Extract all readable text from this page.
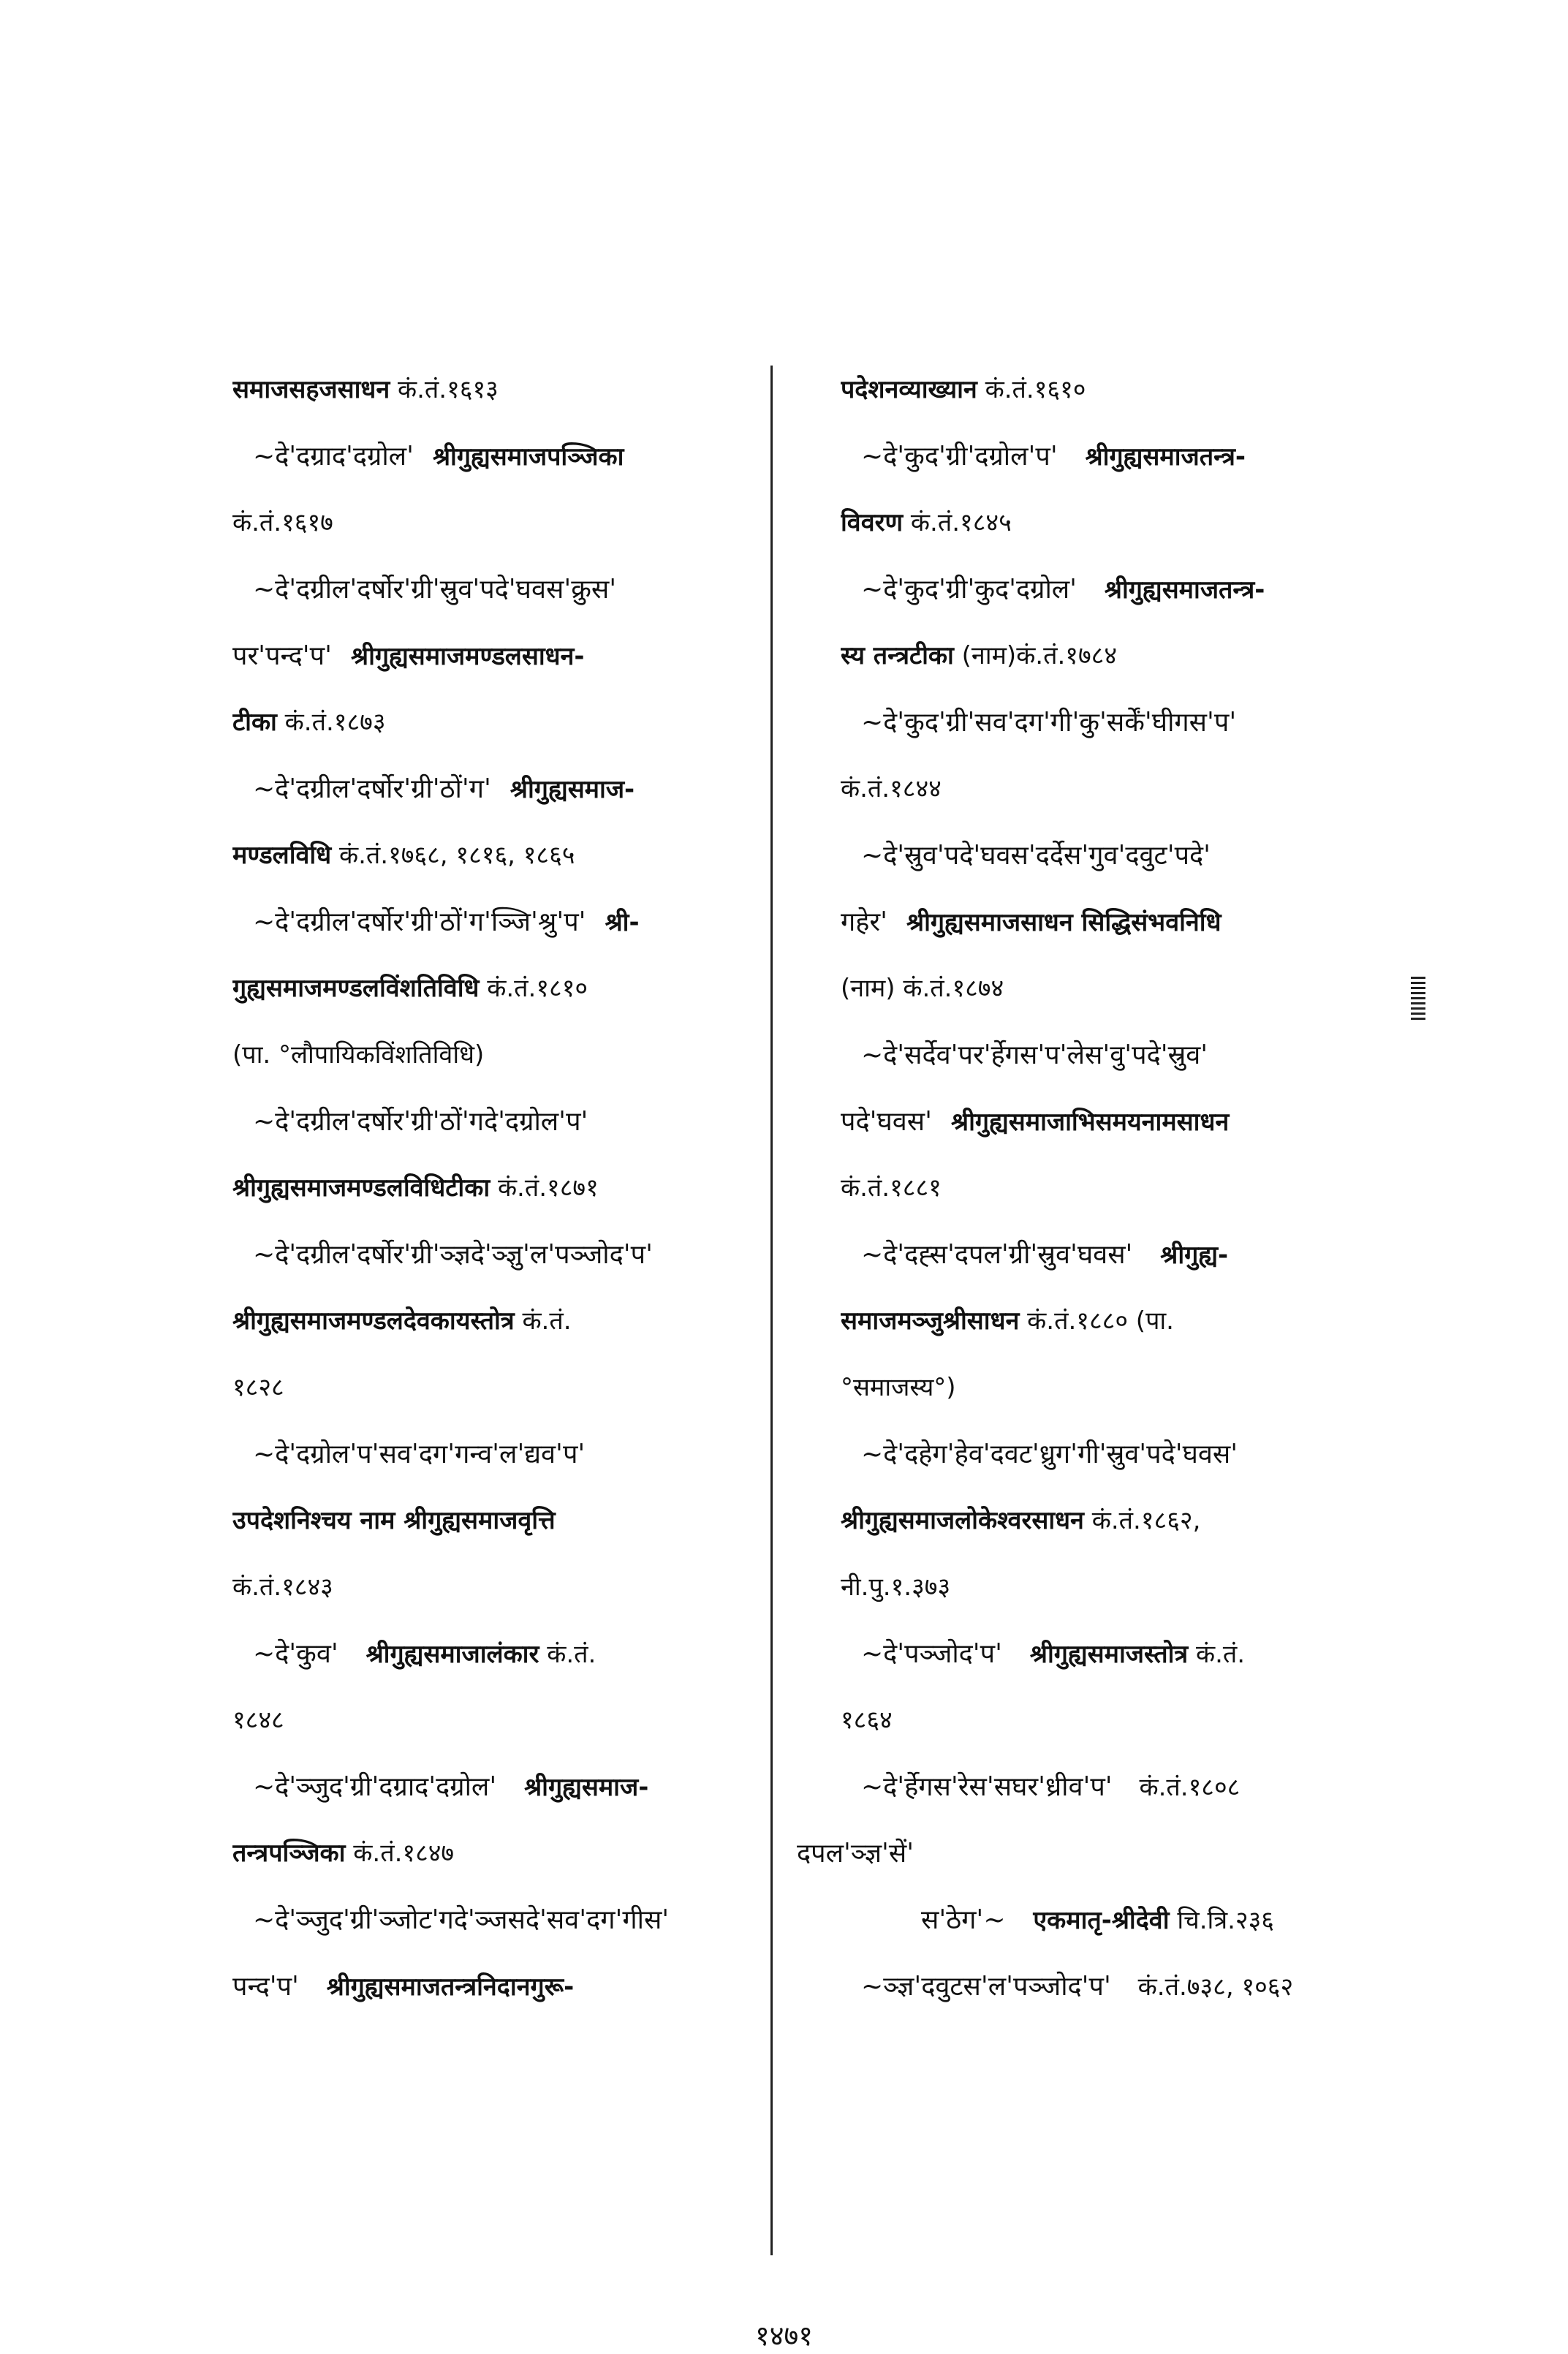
समाजसहजसाधन कं.तं.१६१३
~दे'दग्राद'दग्रोल' श्रीगुह्यसमाजपञ्जिका
कं.तं.१६१७
~दे'दग्रील'दर्षोर'ग्री'स्रुव'पदे'घवस'क्रुस'
पर'पन्द'प' श्रीगुह्यसमाजमण्डलसाधन-
टीका कं.तं.१८७३
~दे'दग्रील'दर्षोर'ग्री'ठों'ग' श्रीगुह्यसमाज-
मण्डलविधि कं.तं.१७६८, १८१६, १८६५
~दे'दग्रील'दर्षोर'ग्री'ठों'ग'ञ्जि'श्रु'प' श्री-
गुह्यसमाजमण्डलविंशतिविधि कं.तं.१८१०
(पा. °लौपायिकविंशतिविधि)
~दे'दग्रील'दर्षोर'ग्री'ठों'गदे'दग्रोल'प'
श्रीगुह्यसमाजमण्डलविधिटीका कं.तं.१८७१
~दे'दग्रील'दर्षोर'ग्री'ञ्ज्ञदे'ञ्ज्ञु'ल'पञ्जोद'प'
श्रीगुह्यसमाजमण्डलदेवकायस्तोत्र कं.तं.
१८२८
~दे'दग्रोल'प'सव'दग'गन्व'ल'द्यव'प'
उपदेशनिश्चय नाम श्रीगुह्यसमाजवृत्ति
कं.तं.१८४३
~दे'कुव' श्रीगुह्यसमाजालंकार कं.तं.
१८४८
~दे'ञ्जुद'ग्री'दग्राद'दग्रोल' श्रीगुह्यसमाज-
तन्त्रपञ्जिका कं.तं.१८४७
~दे'ञ्जुद'ग्री'ञ्जोट'गदे'ञ्जसदे'सव'दग'गीस'
पन्द'प' श्रीगुह्यसमाजतन्त्रनिदानगुरू-
पदेशनव्याख्यान कं.तं.१६१०
~दे'कुद'ग्री'दग्रोल'प' श्रीगुह्यसमाजतन्त्र-
विवरण कं.तं.१८४५
~दे'कुद'ग्री'कुद'दग्रोल' श्रीगुह्यसमाजतन्त्र-
स्य तन्त्रटीका (नाम)कं.तं.१७८४
~दे'कुद'ग्री'सव'दग'गी'कु'सर्कें'घीगस'प'
कं.तं.१८४४
~दे'स्रुव'पदे'घवस'दर्देस'गुव'दवुट'पदे'
गहेर' श्रीगुह्यसमाजसाधन सिद्धिसंभवनिधि
(नाम) कं.तं.१८७४
~दे'सर्देव'पर'र्हेगस'प'लेस'वु'पदे'स्रुव'
पदे'घवस' श्रीगुह्यसमाजाभिसमयनामसाधन
कं.तं.१८८१
~दे'दह्स'दपल'ग्री'स्रुव'घवस' श्रीगुह्य-
समाजमञ्जुश्रीसाधन कं.तं.१८८० (पा.
°समाजस्य°)
~दे'दहेग'हेव'दवट'ध्रुग'गी'स्रुव'पदे'घवस'
श्रीगुह्यसमाजलोकेश्वरसाधन कं.तं.१८६२,
नी.पु.१.३७३
~दे'पञ्जोद'प' श्रीगुह्यसमाजस्तोत्र कं.तं.
१८६४
~दे'र्हेगस'रेस'सघर'ध्रीव'प' कं.तं.१८०८
दपल'ञ्ज्ञ'सें'
स'ठेग'~ एकमातृ-श्रीदेवी चि.त्रि.२३६
~ञ्ज्ञ'दवुटस'ल'पञ्जोद'प' कं.तं.७३८, १०६२
१४७१
